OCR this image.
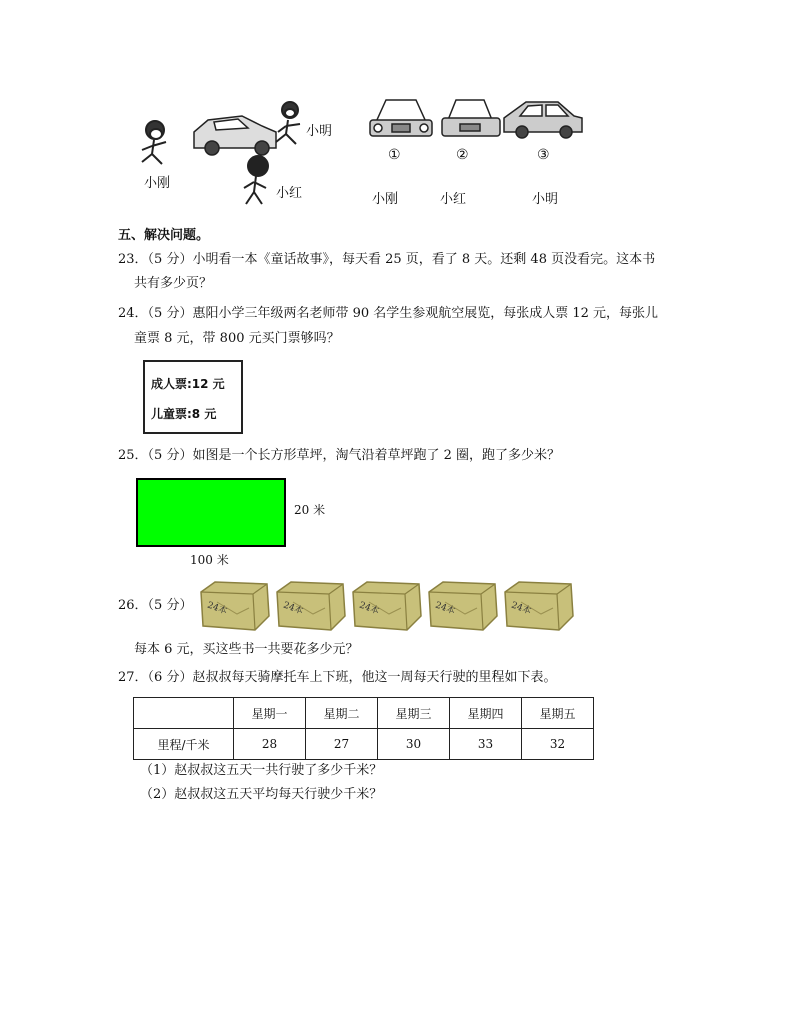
小刚
小明
小红
①	②	③
小刚	小红	小明
五、解决问题。
23．（5 分）小明看一本《童话故事》，每天看 25 页，看了 8 天。还剩 48 页没看完。这本书
共有多少页？
24．（5 分）惠阳小学三年级两名老师带 90 名学生参观航空展览，每张成人票 12 元，每张儿
童票 8 元，带 800 元买门票够吗？
成人票:12 元
儿童票:8 元
25．（5 分）如图是一个长方形草坪，淘气沿着草坪跑了 2 圈，跑了多少米？
20 米
100 米
26．（5 分） 24本	24本	24本	24本	24本
每本 6 元，买这些书一共要花多少元？
27．（6 分）赵叔叔每天骑摩托车上下班，他这一周每天行驶的里程如下表。
	星期一	星期二	星期三	星期四	星期五
里程/千米	28	27	30	33	32
（1）赵叔叔这五天一共行驶了多少千米？
（2）赵叔叔这五天平均每天行驶少千米？
